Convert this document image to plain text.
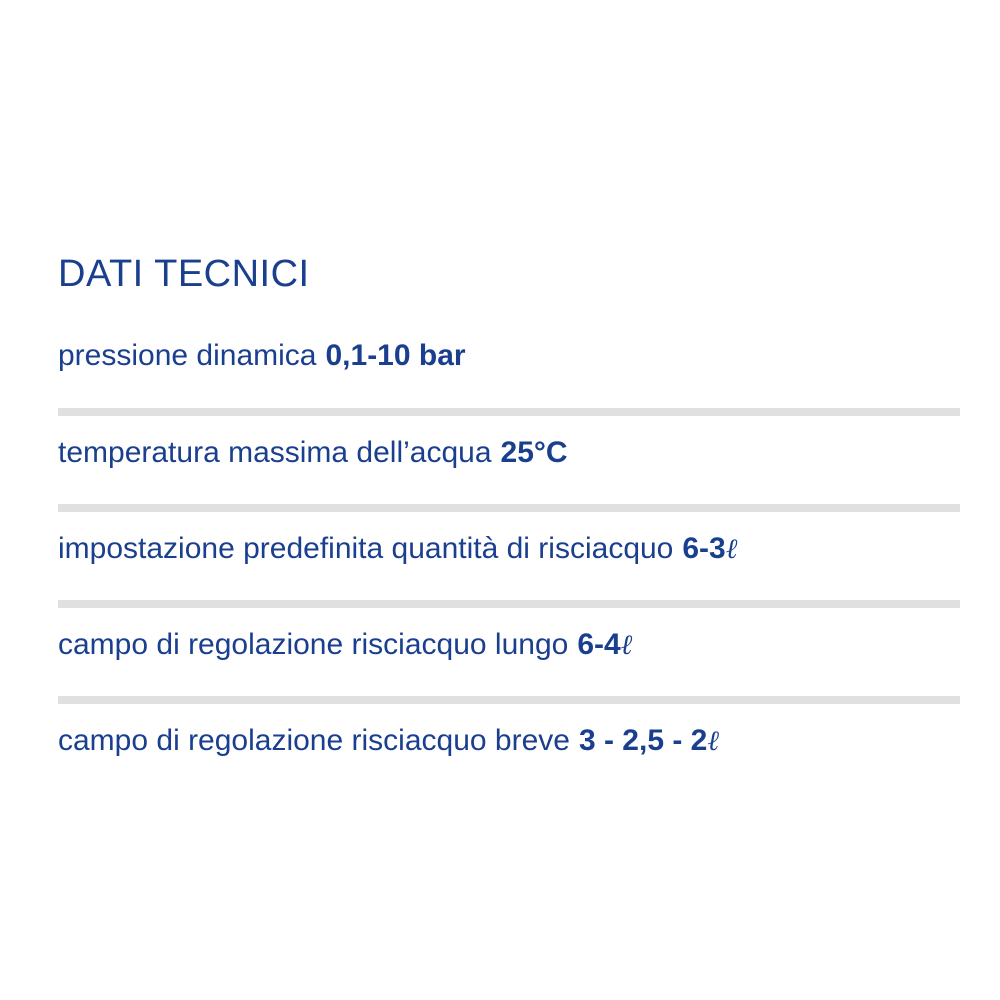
DATI TECNICI
pressione dinamica 0,1-10 bar
temperatura massima dell’acqua 25°C
impostazione predefinita quantità di risciacquo 6-3ℓ
campo di regolazione risciacquo lungo 6-4ℓ
campo di regolazione risciacquo breve 3 - 2,5 - 2ℓ
